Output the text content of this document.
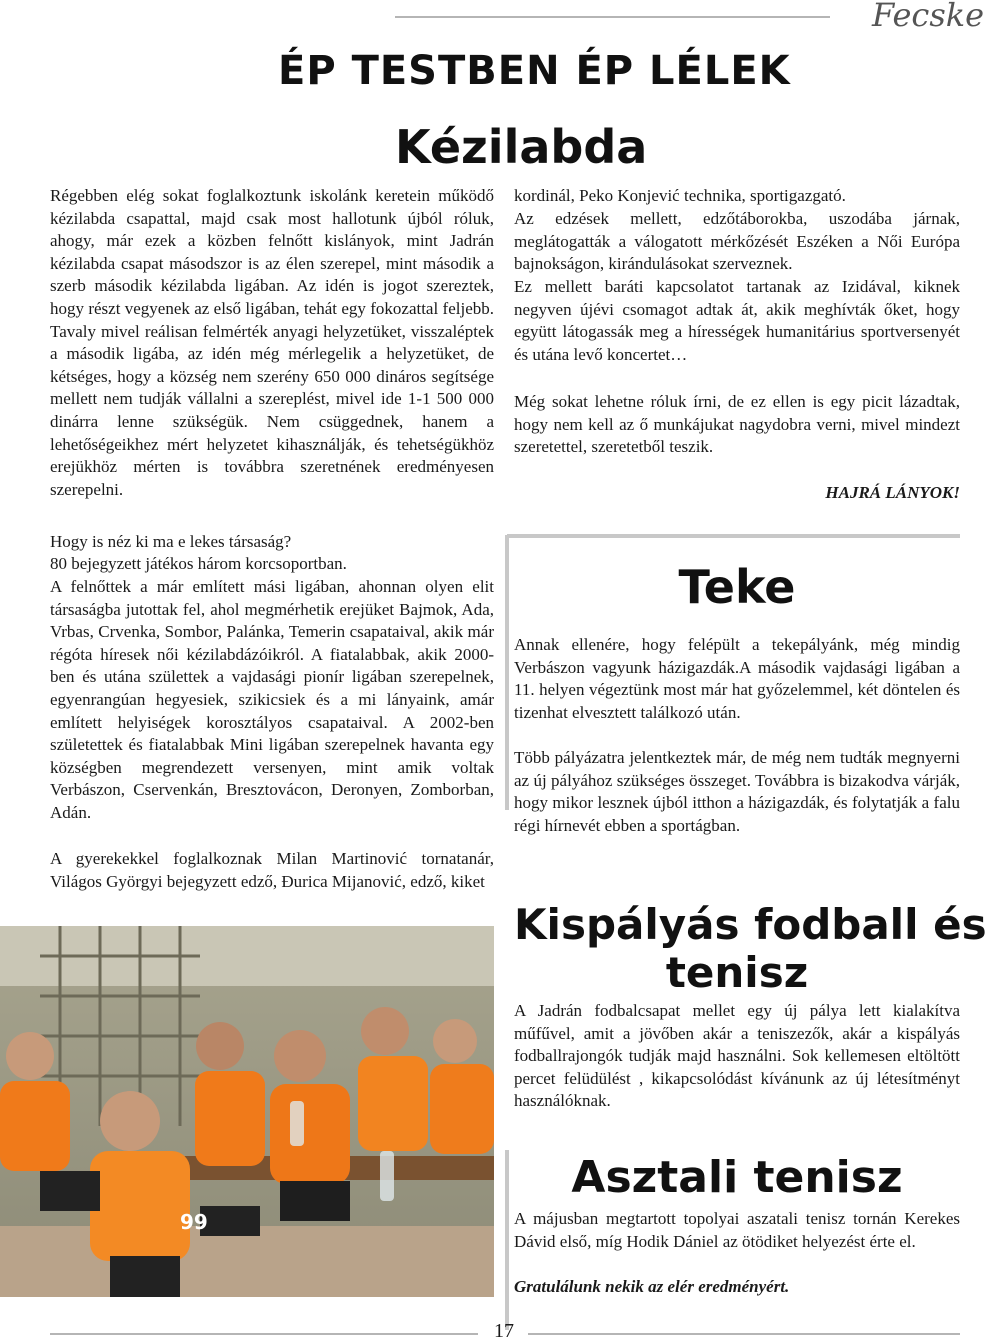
Fecske
ÉP TESTBEN ÉP LÉLEK
Kézilabda

Régebben elég sokat foglalkoztunk iskolánk keretein működő kézilabda csapattal, majd csak most hallotunk újból róluk, ahogy, már ezek a közben felnőtt kislányok, mint Jadrán kézilabda csapat másodszor is az élen szerepel, mint második a szerb második kézilabda ligában. Az idén is jogot szereztek, hogy részt vegyenek az első ligában, tehát egy fokozattal feljebb. Tavaly mivel reálisan felmérték anyagi helyzetüket, visszaléptek a második ligába, az idén még mérlegelik a helyzetüket, de kétséges, hogy a község nem szerény 650 000 dináros segítsége mellett nem tudják vállalni a szereplést, mivel ide 1-1 500 000 dinárra lenne szükségük. Nem csüggednek, hanem a lehetőségeikhez mért helyzetet kihasználják, és tehetségükhöz erejükhöz mérten is továbbra szeretnének eredményesen szerepelni.

Hogy is néz ki ma e lekes társaság?
80 bejegyzett játékos három korcsoportban.

A felnőttek a már említett mási ligában, ahonnan olyen elit társaságba jutottak fel, ahol megmérhetik erejüket Bajmok, Ada, Vrbas, Crvenka, Sombor, Palánka, Temerin csapataival, akik már régóta híresek női kézilabdázóikról. A fiatalabbak, akik 2000- ben és utána születtek a vajdasági pionír ligában szerepelnek, egyenrangúan hegyesiek, szikicsiek és a mi lányaink, amár említett helyiségek korosztályos csapataival. A 2002-ben születettek és fiatalabbak Mini ligában szerepelnek havanta egy községben megrendezett versenyen, mint amik voltak Verbászon, Cservenkán, Bresztovácon, Deronyen, Zomborban, Adán.

A gyerekekkel foglalkoznak Milan Martinović tornatanár, Világos Györgyi bejegyzett edző, Đurica Mijanović, edző, kiket

99
kordinál, Peko Konjević technika, sportigazgató.

Az edzések mellett, edzőtáborokba, uszodába járnak, meglátogatták a válogatott mérkőzését Eszéken a Női Európa bajnokságon, kirándulásokat szerveznek.

Ez mellett baráti kapcsolatot tartanak az Izidával, kiknek negyven újévi csomagot adtak át, akik meghívták őket, hogy együtt látogassák meg a hírességek humanitárius sportversenyét és utána levő koncertet…

Még sokat lehetne róluk írni, de ez ellen is egy picit lázadtak, hogy nem kell az ő munkájukat nagydobra verni, mivel mindezt szeretettel, szeretetből teszik.

HAJRÁ LÁNYOK!
Teke

Annak ellenére, hogy felépült a tekepályánk, még mindig Verbászon vagyunk házigazdák.A második vajdasági ligában a 11. helyen végeztünk most már hat győzelemmel, két döntelen és tizenhat elvesztett találkozó után.

Több pályázatra jelentkeztek már, de még nem tudták megnyerni az új pályához szükséges összeget. Továbbra is bizakodva várják, hogy mikor lesznek újból itthon a házigazdák, és folytatják a falu régi hírnevét ebben a sportágban.

Kispályás fodball és
tenisz

A Jadrán fodbalcsapat mellet egy új pálya lett kialakítva műfűvel, amit a jövőben akár a teniszezők, akár a kispályás fodballrajongók tudják majd használni. Sok kellemesen eltöltött percet felüdülést , kikapcsolódást kívánunk az új létesítményt használóknak.

Asztali tenisz

A májusban megtartott topolyai aszatali tenisz tornán Kerekes Dávid első, míg Hodik Dániel az ötödiket helyezést érte el.

Gratulálunk nekik az elér eredményért.
17
